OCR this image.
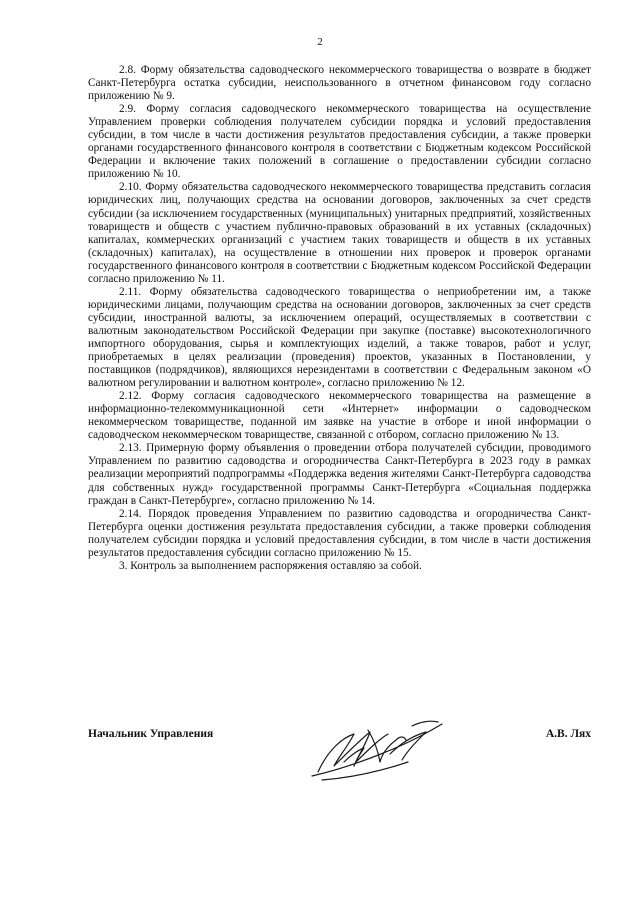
2

2.8. Форму обязательства садоводческого некоммерческого товарищества о возврате в бюджет Санкт-Петербурга остатка субсидии, неиспользованного в отчетном финансовом году согласно приложению № 9.

2.9. Форму согласия садоводческого некоммерческого товарищества на осуществление Управлением проверки соблюдения получателем субсидии порядка и условий предоставления субсидии, в том числе в части достижения результатов предоставления субсидии, а также проверки органами государственного финансового контроля в соответствии с Бюджетным кодексом Российской Федерации и включение таких положений в соглашение о предоставлении субсидии согласно приложению № 10.

2.10. Форму обязательства садоводческого некоммерческого товарищества представить согласия юридических лиц, получающих средства на основании договоров, заключенных за счет средств субсидии (за исключением государственных (муниципальных) унитарных предприятий, хозяйственных товариществ и обществ с участием публично-правовых образований в их уставных (складочных) капиталах, коммерческих организаций с участием таких товариществ и обществ в их уставных (складочных) капиталах), на осуществление в отношении них проверок и проверок органами государственного финансового контроля в соответствии с Бюджетным кодексом Российской Федерации согласно приложению № 11.

2.11. Форму обязательства садоводческого товарищества о неприобретении им, а также юридическими лицами, получающим средства на основании договоров, заключенных за счет средств субсидии, иностранной валюты, за исключением операций, осуществляемых в соответствии с валютным законодательством Российской Федерации при закупке (поставке) высокотехнологичного импортного оборудования, сырья и комплектующих изделий, а также товаров, работ и услуг, приобретаемых в целях реализации (проведения) проектов, указанных в Постановлении, у поставщиков (подрядчиков), являющихся нерезидентами в соответствии с Федеральным законом «О валютном регулировании и валютном контроле», согласно приложению № 12.

2.12. Форму согласия садоводческого некоммерческого товарищества на размещение в информационно-телекоммуникационной сети «Интернет» информации о садоводческом некоммерческом товариществе, поданной им заявке на участие в отборе и иной информации о садоводческом некоммерческом товариществе, связанной с отбором, согласно приложению № 13.

2.13. Примерную форму объявления о проведении отбора получателей субсидии, проводимого Управлением по развитию садоводства и огородничества Санкт-Петербурга в 2023 году в рамках реализации мероприятий подпрограммы «Поддержка ведения жителями Санкт-Петербурга садоводства для собственных нужд» государственной программы Санкт-Петербурга «Социальная поддержка граждан в Санкт-Петербурге», согласно приложению № 14.

2.14. Порядок проведения Управлением по развитию садоводства и огородничества Санкт-Петербурга оценки достижения результата предоставления субсидии, а также проверки соблюдения получателем субсидии порядка и условий предоставления субсидии, в том числе в части достижения результатов предоставления субсидии согласно приложению № 15.

3. Контроль за выполнением распоряжения оставляю за собой.

Начальник Управления	А.В. Лях
